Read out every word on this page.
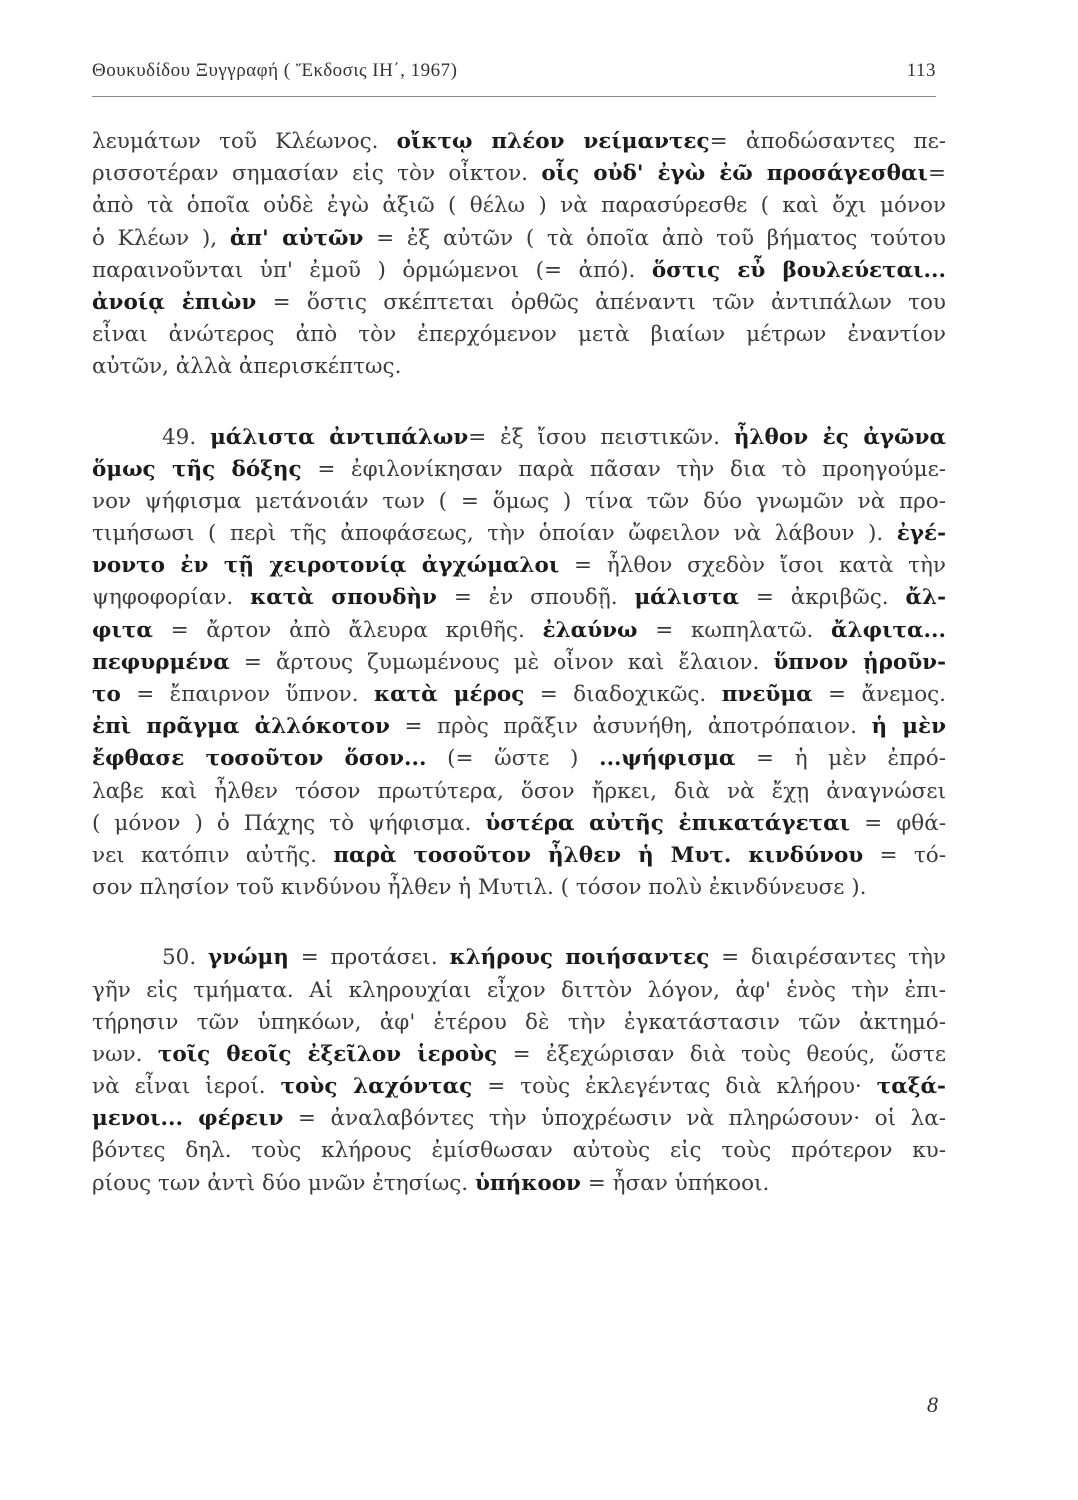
Θουκυδίδου Ξυγγραφή ( Ἔκδοσις ΙΗ΄, 1967)	113
λευμάτων τοῦ Κλέωνος. οἴκτῳ πλέον νείμαντες= ἀποδώσαντες πε-
ρισσοτέραν σημασίαν εἰς τὸν οἶκτον. οἷς οὐδ' ἐγὼ ἐῶ προσάγεσθαι=
ἀπὸ τὰ ὁποῖα οὐδὲ ἐγὼ ἀξιῶ ( θέλω ) νὰ παρασύρεσθε ( καὶ ὄχι μόνον
ὁ Κλέων ), ἀπ' αὐτῶν = ἐξ αὐτῶν ( τὰ ὁποῖα ἀπὸ τοῦ βήματος τούτου
παραινοῦνται ὑπ' ἐμοῦ ) ὁρμώμενοι (= ἀπό). ὅστις εὖ βουλεύεται...
ἀνοίᾳ ἐπιὼν = ὅστις σκέπτεται ὀρθῶς ἀπέναντι τῶν ἀντιπάλων του
εἶναι ἀνώτερος ἀπὸ τὸν ἐπερχόμενον μετὰ βιαίων μέτρων ἐναντίον
αὐτῶν, ἀλλὰ ἀπερισκέπτως.
49. μάλιστα ἀντιπάλων= ἐξ ἴσου πειστικῶν. ἦλθον ἐς ἀγῶνα
ὅμως τῆς δόξης = ἐφιλονίκησαν παρὰ πᾶσαν τὴν δια τὸ προηγούμε-
νον ψήφισμα μετάνοιάν των ( = ὅμως ) τίνα τῶν δύο γνωμῶν νὰ προ-
τιμήσωσι ( περὶ τῆς ἀποφάσεως, τὴν ὁποίαν ὤφειλον νὰ λάβουν ). ἐγέ-
νοντο ἐν τῇ χειροτονίᾳ ἀγχώμαλοι = ἦλθον σχεδὸν ἴσοι κατὰ τὴν
ψηφοφορίαν. κατὰ σπουδὴν = ἐν σπουδῇ. μάλιστα = ἀκριβῶς. ἄλ-
φιτα = ἄρτον ἀπὸ ἄλευρα κριθῆς. ἐλαύνω = κωπηλατῶ. ἄλφιτα...
πεφυρμένα = ἄρτους ζυμωμένους μὲ οἶνον καὶ ἔλαιον. ὕπνον ᾑροῦν-
το = ἔπαιρνον ὕπνον. κατὰ μέρος = διαδοχικῶς. πνεῦμα = ἄνεμος.
ἐπὶ πρᾶγμα ἀλλόκοτον = πρὸς πρᾶξιν ἀσυνήθη, ἀποτρόπαιον. ἡ μὲν
ἔφθασε τοσοῦτον ὅσον... (= ὥστε ) ...ψήφισμα = ἡ μὲν ἐπρό-
λαβε καὶ ἦλθεν τόσον πρωτύτερα, ὅσον ἤρκει, διὰ νὰ ἔχῃ ἀναγνώσει
( μόνον ) ὁ Πάχης τὸ ψήφισμα. ὑστέρα αὐτῆς ἐπικατάγεται = φθά-
νει κατόπιν αὐτῆς. παρὰ τοσοῦτον ἦλθεν ἡ Μυτ. κινδύνου = τό-
σον πλησίον τοῦ κινδύνου ἦλθεν ἡ Μυτιλ. ( τόσον πολὺ ἐκινδύνευσε ).
50. γνώμη = προτάσει. κλήρους ποιήσαντες = διαιρέσαντες τὴν
γῆν εἰς τμήματα. Αἱ κληρουχίαι εἶχον διττὸν λόγον, ἀφ' ἑνὸς τὴν ἐπι-
τήρησιν τῶν ὑπηκόων, ἀφ' ἑτέρου δὲ τὴν ἐγκατάστασιν τῶν ἀκτημό-
νων. τοῖς θεοῖς ἐξεῖλον ἱεροὺς = ἐξεχώρισαν διὰ τοὺς θεούς, ὥστε
νὰ εἶναι ἱεροί. τοὺς λαχόντας = τοὺς ἐκλεγέντας διὰ κλήρου· ταξά-
μενοι... φέρειν = ἀναλαβόντες τὴν ὑποχρέωσιν νὰ πληρώσουν· οἱ λα-
βόντες δηλ. τοὺς κλήρους ἐμίσθωσαν αὐτοὺς εἰς τοὺς πρότερον κυ-
ρίους των ἀντὶ δύο μνῶν ἐτησίως. ὑπήκοον = ἦσαν ὑπήκοοι.
8
